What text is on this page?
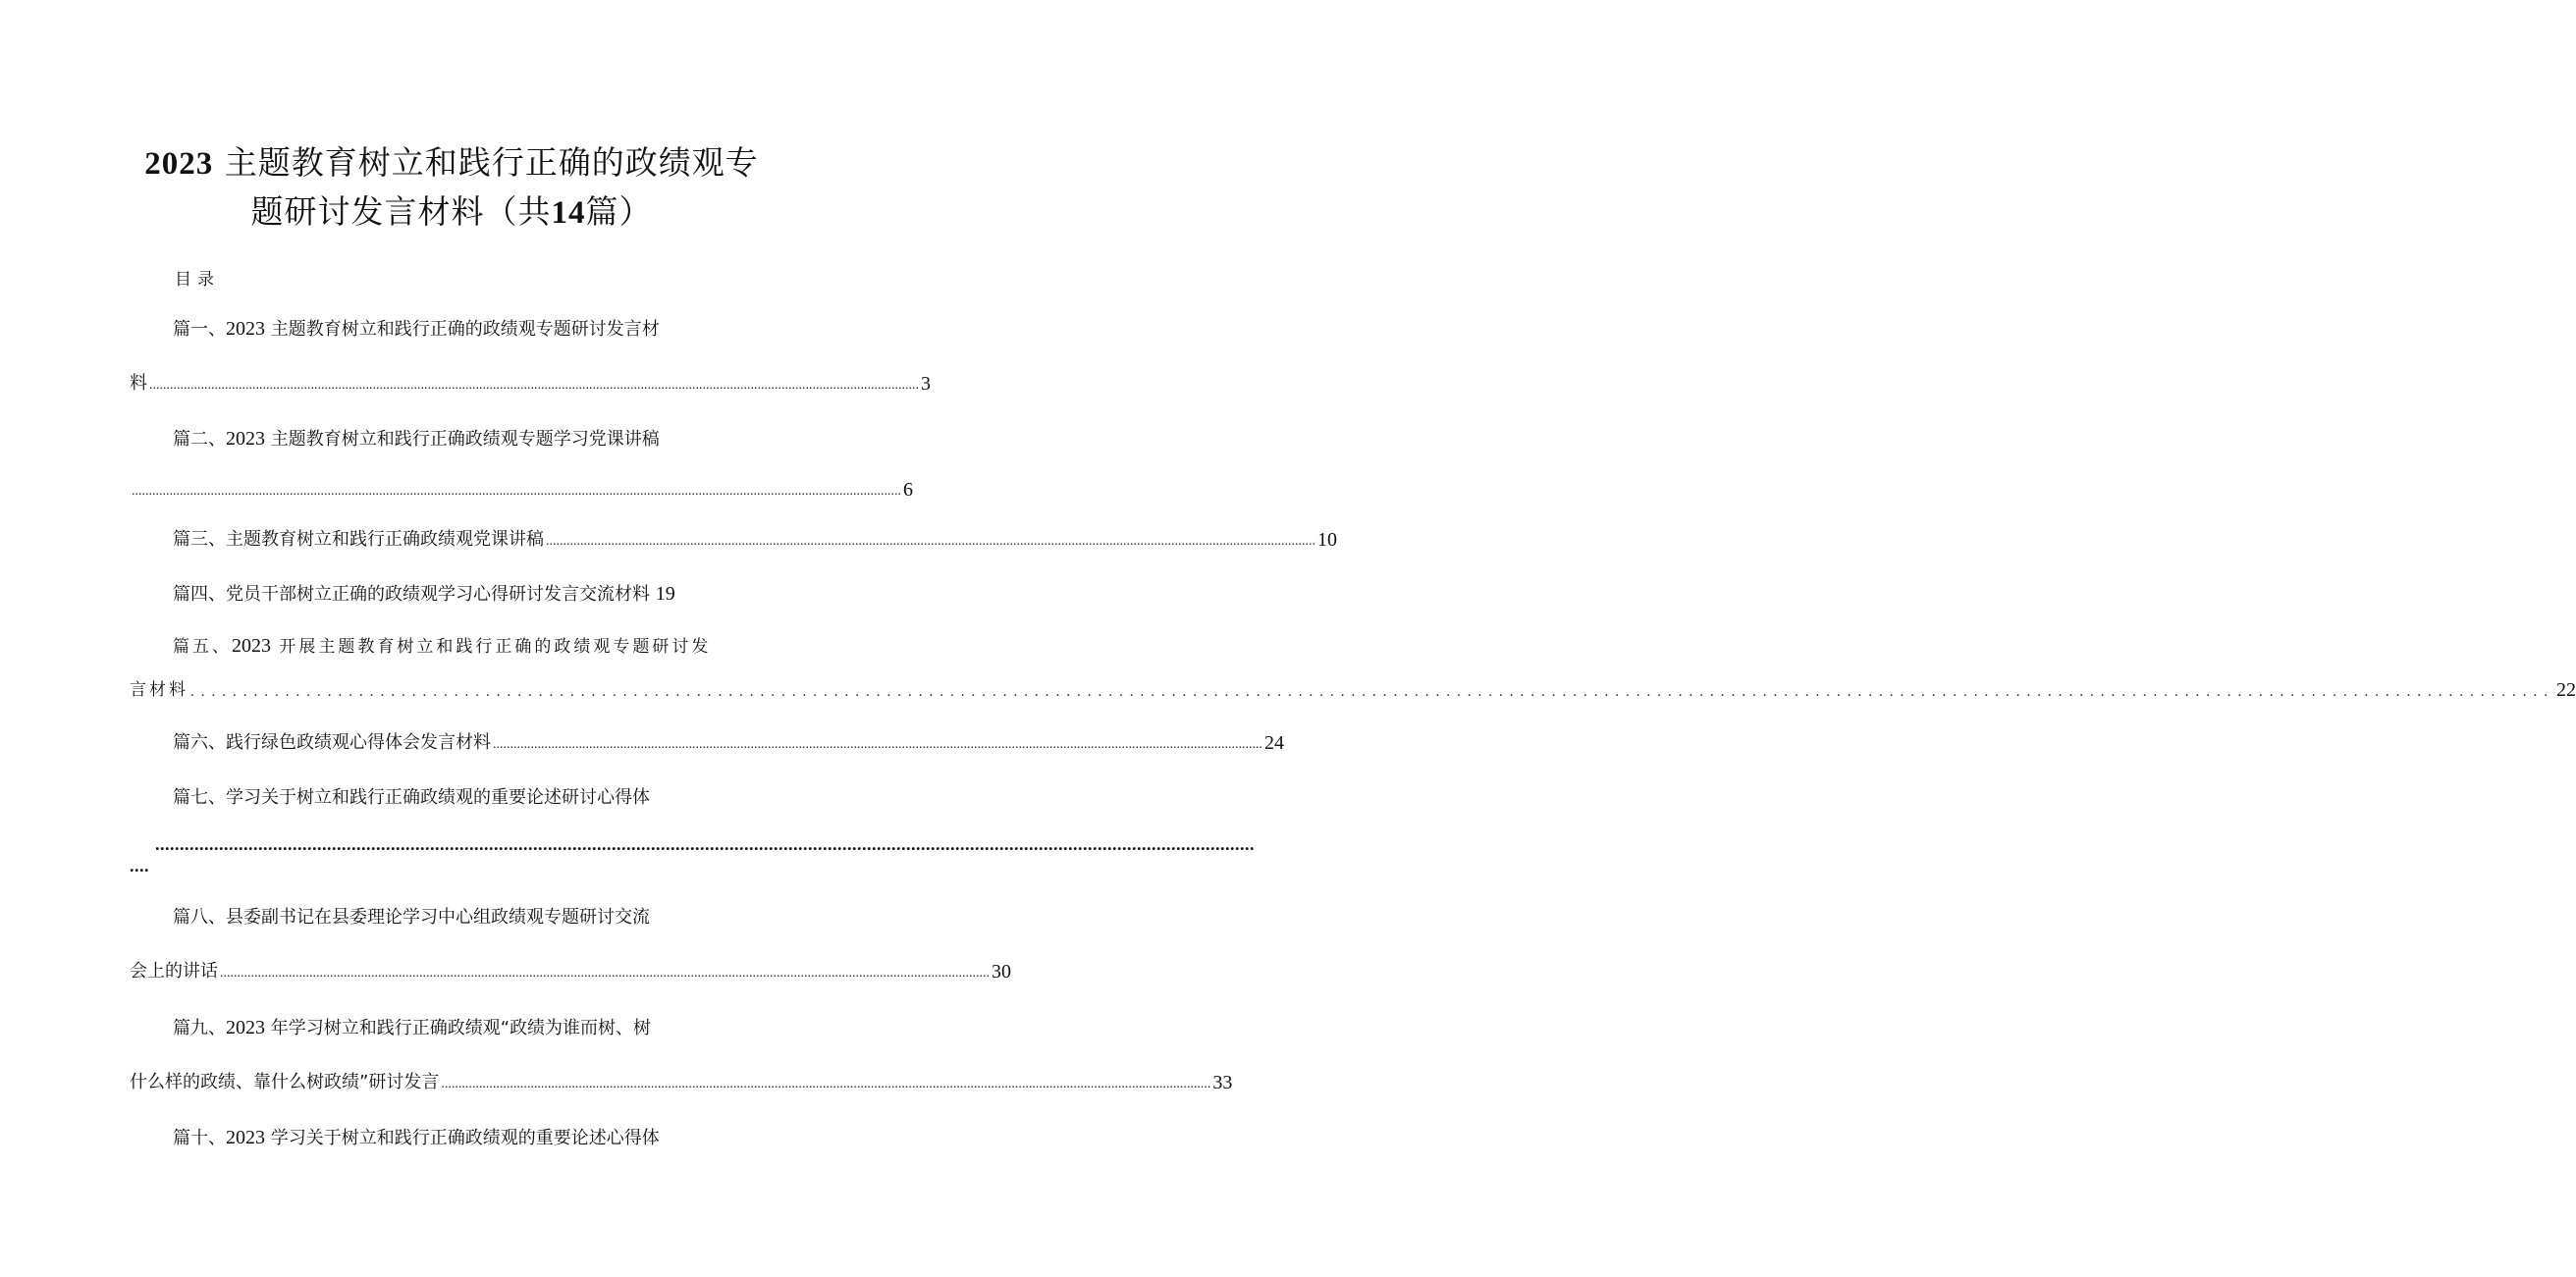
2023 主题教育树立和践行正确的政绩观专
题研讨发言材料（共14篇）
目录
篇一、2023 主题教育树立和践行正确的政绩观专题研讨发言材
料 ................................................................................................................................................................................................................................ 3
篇二、2023 主题教育树立和践行正确政绩观专题学习党课讲稿
................................................................................................................................................................................................................................ 6
篇三、主题教育树立和践行正确政绩观党课讲稿 ................................................................................................................................................................................................................................ 10
篇四、党员干部树立正确的政绩观学习心得研讨发言交流材料 19
篇五、2023 开展主题教育树立和践行正确的政绩观专题研讨发
言材料 ................................................................................................................................................................................................................................ 22
篇六、践行绿色政绩观心得体会发言材料 ................................................................................................................................................................................................................................ 24
篇七、学习关于树立和践行正确政绩观的重要论述研讨心得体
................................................................................................................................................................................................................................
....
篇八、县委副书记在县委理论学习中心组政绩观专题研讨交流
会上的讲话 ................................................................................................................................................................................................................................ 30
篇九、2023 年学习树立和践行正确政绩观“政绩为谁而树、树
什么样的政绩、靠什么树政绩”研讨发言 ................................................................................................................................................................................................................................ 33
篇十、2023 学习关于树立和践行正确政绩观的重要论述心得体
